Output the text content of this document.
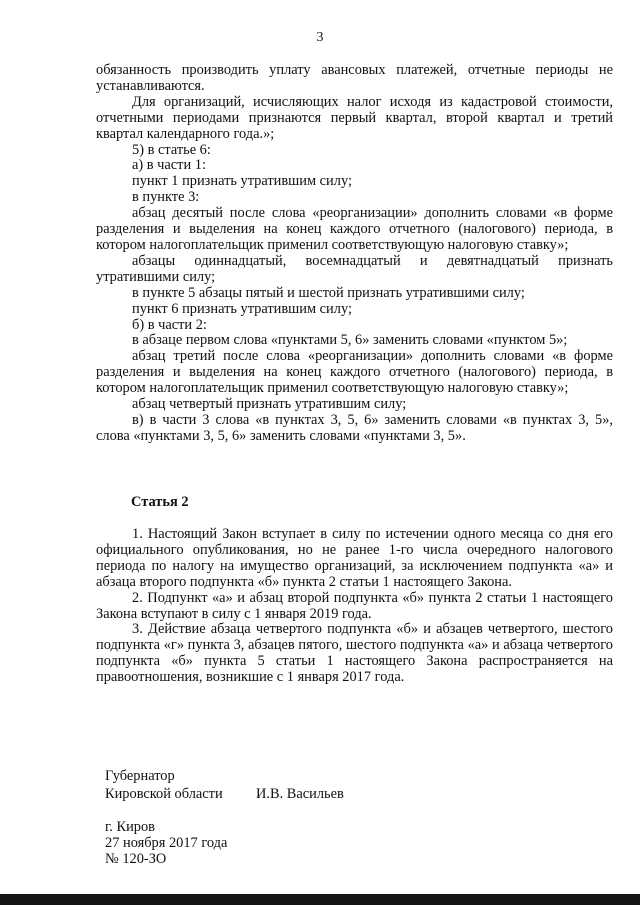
3

обязанность производить уплату авансовых платежей, отчетные периоды не устанавливаются.

Для организаций, исчисляющих налог исходя из кадастровой стоимости, отчетными периодами признаются первый квартал, второй квартал и третий квартал календарного года.»;

5) в статье 6:

а) в части 1:

пункт 1 признать утратившим силу;

в пункте 3:

абзац десятый после слова «реорганизации» дополнить словами «в форме разделения и выделения на конец каждого отчетного (налогового) периода, в котором налогоплательщик применил соответствующую налоговую ставку»;

абзацы одиннадцатый, восемнадцатый и девятнадцатый признать утратившими силу;

в пункте 5 абзацы пятый и шестой признать утратившими силу;

пункт 6 признать утратившим силу;

б) в части 2:

в абзаце первом слова «пунктами 5, 6» заменить словами «пунктом 5»;

абзац третий после слова «реорганизации» дополнить словами «в форме разделения и выделения на конец каждого отчетного (налогового) периода, в котором налогоплательщик применил соответствующую налоговую ставку»;

абзац четвертый признать утратившим силу;

в) в части 3 слова «в пунктах 3, 5, 6» заменить словами «в пунктах 3, 5», слова «пунктами 3, 5, 6» заменить словами «пунктами 3, 5».

Статья 2

1. Настоящий Закон вступает в силу по истечении одного месяца со дня его официального опубликования, но не ранее 1-го числа очередного налогового периода по налогу на имущество организаций, за исключением подпункта «а» и абзаца второго подпункта «б» пункта 2 статьи 1 настоящего Закона.

2. Подпункт «а» и абзац второй подпункта «б» пункта 2 статьи 1 настоящего Закона вступают в силу с 1 января 2019 года.

3. Действие абзаца четвертого подпункта «б» и абзацев четвертого, шестого подпункта «г» пункта 3, абзацев пятого, шестого подпункта «а» и абзаца четвертого подпункта «б» пункта 5 статьи 1 настоящего Закона распространяется на правоотношения, возникшие с 1 января 2017 года.

Губернатор
Кировской области И.В. Васильев
г. Киров
27 ноября 2017 года
№ 120-ЗО
